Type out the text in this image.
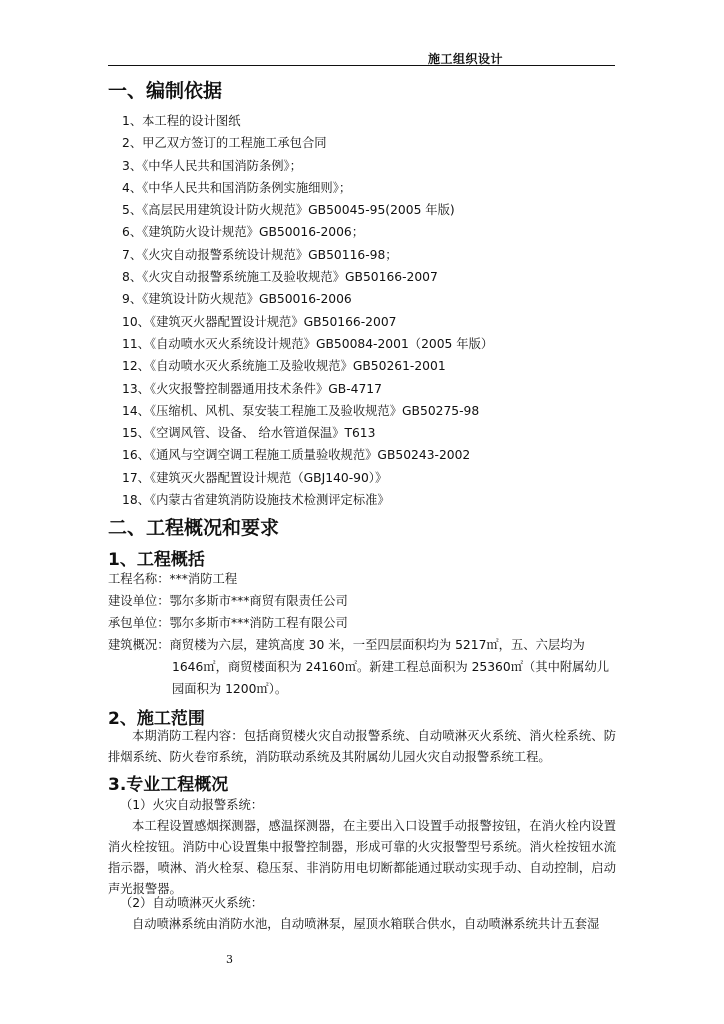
施工组织设计
一、编制依据
1、本工程的设计图纸
2、甲乙双方签订的工程施工承包合同
3、《中华人民共和国消防条例》；
4、《中华人民共和国消防条例实施细则》；
5、《高层民用建筑设计防火规范》GB50045-95(2005 年版)
6、《建筑防火设计规范》GB50016-2006；
7、《火灾自动报警系统设计规范》GB50116-98；
8、《火灾自动报警系统施工及验收规范》GB50166-2007
9、《建筑设计防火规范》GB50016-2006
10、《建筑灭火器配置设计规范》GB50166-2007
11、《自动喷水灭火系统设计规范》GB50084-2001（2005 年版）
12、《自动喷水灭火系统施工及验收规范》GB50261-2001
13、《火灾报警控制器通用技术条件》GB-4717
14、《压缩机、风机、泵安装工程施工及验收规范》GB50275-98
15、《空调风管、设备、 给水管道保温》T613
16、《通风与空调空调工程施工质量验收规范》GB50243-2002
17、《建筑灭火器配置设计规范（GBJ140-90）》
18、《内蒙古省建筑消防设施技术检测评定标准》
二、工程概况和要求
1、工程概括
工程名称：***消防工程
建设单位：鄂尔多斯市***商贸有限责任公司
承包单位：鄂尔多斯市***消防工程有限公司
建筑概况：商贸楼为六层，建筑高度 30 米，一至四层面积均为 5217㎡，五、六层均为
1646㎡，商贸楼面积为 24160㎡。新建工程总面积为 25360㎡（其中附属幼儿
园面积为 1200㎡）。
2、施工范围
本期消防工程内容：包括商贸楼火灾自动报警系统、自动喷淋灭火系统、消火栓系统、防排烟系统、防火卷帘系统，消防联动系统及其附属幼儿园火灾自动报警系统工程。
3.专业工程概况
（1）火灾自动报警系统：
本工程设置感烟探测器，感温探测器，在主要出入口设置手动报警按钮，在消火栓内设置消火栓按钮。消防中心设置集中报警控制器，形成可靠的火灾报警型号系统。消火栓按钮水流指示器，喷淋、消火栓泵、稳压泵、非消防用电切断都能通过联动实现手动、自动控制，启动声光报警器。
（2）自动喷淋灭火系统：
自动喷淋系统由消防水池，自动喷淋泵，屋顶水箱联合供水，自动喷淋系统共计五套湿
3
